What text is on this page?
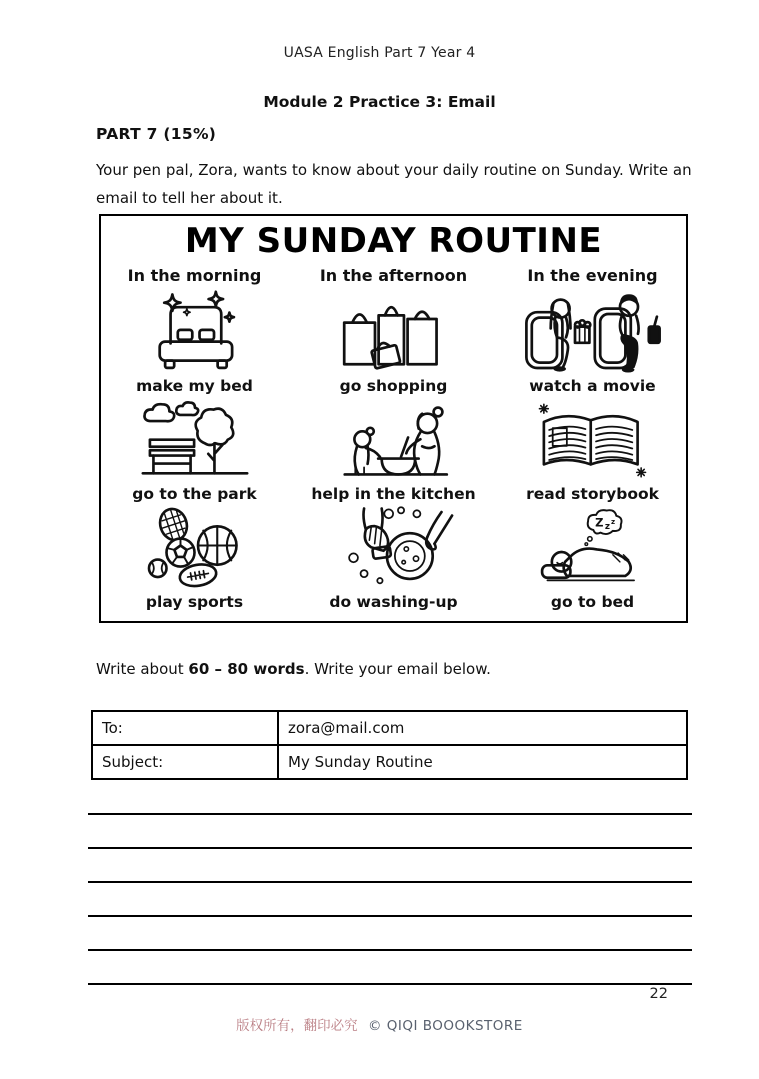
UASA English Part 7 Year 4
Module 2 Practice 3: Email
PART 7 (15%)
Your pen pal, Zora, wants to know about your daily routine on Sunday. Write an email to tell her about it.
MY SUNDAY ROUTINE
In the morning	In the afternoon	In the evening
make my bed	go shopping	watch a movie
go to the park	help in the kitchen	read storybook
play sports	do washing-up
Z z
z
go to bed
Write about 60 – 80 words. Write your email below.
To:	zora@mail.com
Subject:	My Sunday Routine
22
版权所有，翻印必究 © QIQI BOOOKSTORE
